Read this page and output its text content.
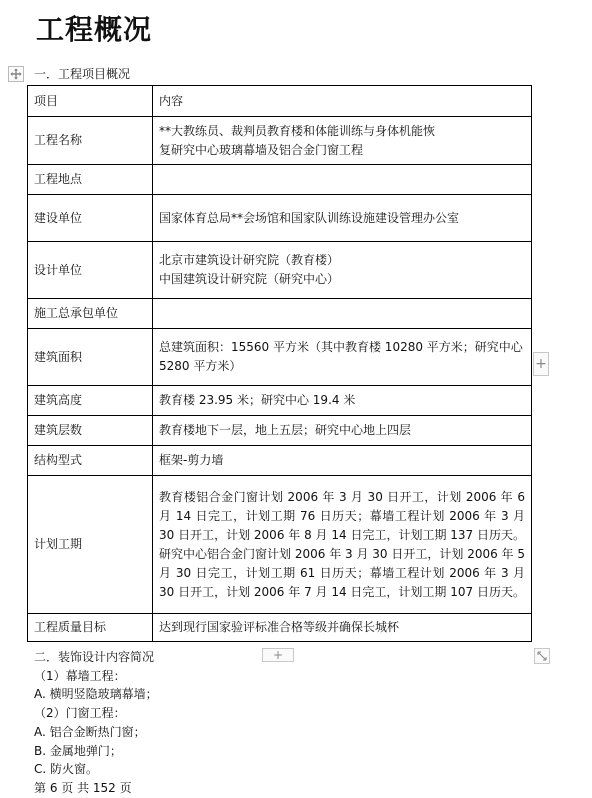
工程概况
一．工程项目概况
项目	内容
工程名称	**大教练员、裁判员教育楼和体能训练与身体机能恢
复研究中心玻璃幕墙及铝合金门窗工程

工程地点	
建设单位	国家体育总局**会场馆和国家队训练设施建设管理办公室
设计单位	北京市建筑设计研究院（教育楼）
中国建筑设计研究院（研究中心）

施工总承包单位	
建筑面积	总建筑面积：15560 平方米（其中教育楼 10280 平方米；研究中心
5280 平方米）

建筑高度	教育楼 23.95 米；研究中心 19.4 米
建筑层数	教育楼地下一层，地上五层；研究中心地上四层
结构型式	框架-剪力墙
计划工期	教育楼铝合金门窗计划 2006 年 3 月 30 日开工，计划 2006 年 6 月 14 日完工，计划工期 76 日历天；幕墙工程计划 2006 年 3 月 30 日开工，计划 2006 年 8 月 14 日完工，计划工期 137 日历天。研究中心铝合金门窗计划 2006 年 3 月 30 日开工，计划 2006 年 5 月 30 日完工，计划工期 61 日历天；幕墙工程计划 2006 年 3 月 30 日开工，计划 2006 年 7 月 14 日完工，计划工期 107 日历天。
工程质量目标	达到现行国家验评标准合格等级并确保长城杯
+
+
二．装饰设计内容简况
（1）幕墙工程：
A. 横明竖隐玻璃幕墙；
（2）门窗工程：
A. 铝合金断热门窗；
B. 金属地弹门；
C. 防火窗。
第 6 页 共 152 页
